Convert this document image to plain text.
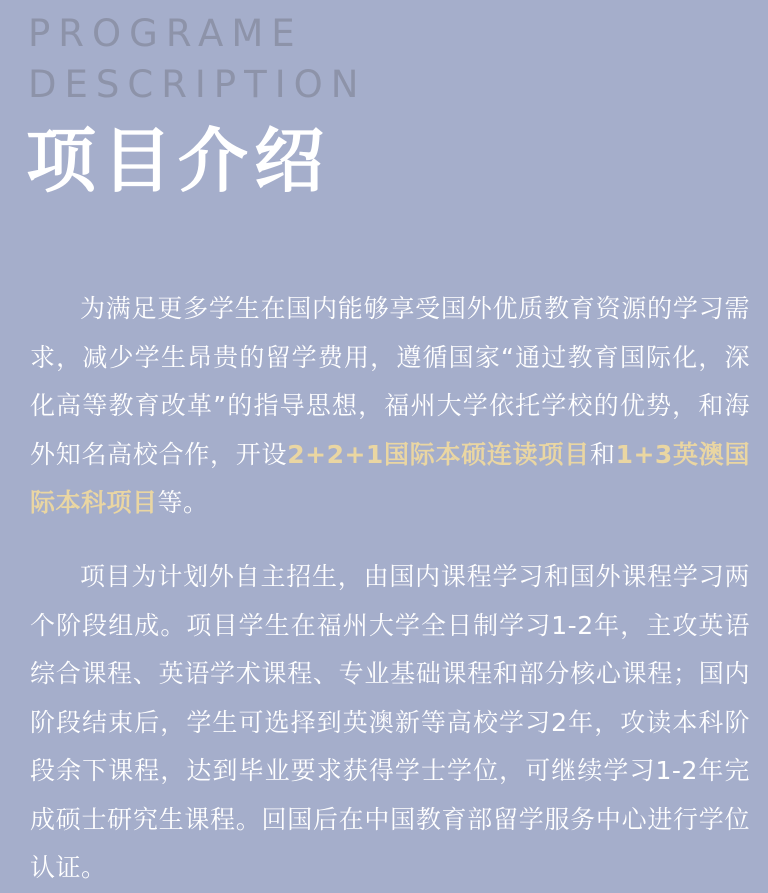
PROGRAME
DESCRIPTION
项目介绍

为满足更多学生在国内能够享受国外优质教育资源的学习需求，减少学生昂贵的留学费用，遵循国家“通过教育国际化，深化高等教育改革”的指导思想，福州大学依托学校的优势，和海外知名高校合作，开设2+2+1国际本硕连读项目和1+3英澳国际本科项目等。

项目为计划外自主招生，由国内课程学习和国外课程学习两个阶段组成。项目学生在福州大学全日制学习1-2年，主攻英语综合课程、英语学术课程、专业基础课程和部分核心课程；国内阶段结束后，学生可选择到英澳新等高校学习2年，攻读本科阶段余下课程，达到毕业要求获得学士学位，可继续学习1-2年完成硕士研究生课程。回国后在中国教育部留学服务中心进行学位认证。
